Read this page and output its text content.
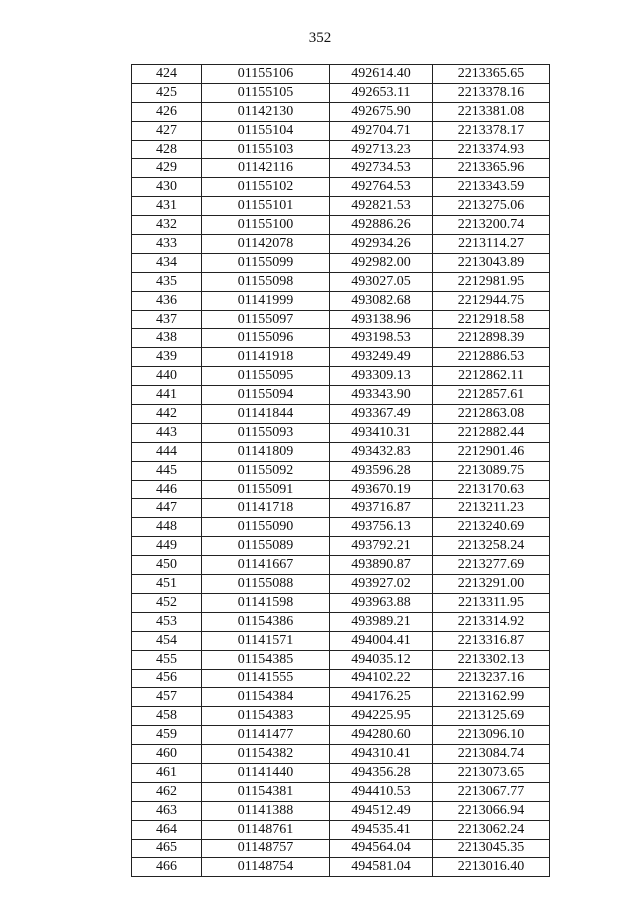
352
424	01155106	492614.40	2213365.65
425	01155105	492653.11	2213378.16
426	01142130	492675.90	2213381.08
427	01155104	492704.71	2213378.17
428	01155103	492713.23	2213374.93
429	01142116	492734.53	2213365.96
430	01155102	492764.53	2213343.59
431	01155101	492821.53	2213275.06
432	01155100	492886.26	2213200.74
433	01142078	492934.26	2213114.27
434	01155099	492982.00	2213043.89
435	01155098	493027.05	2212981.95
436	01141999	493082.68	2212944.75
437	01155097	493138.96	2212918.58
438	01155096	493198.53	2212898.39
439	01141918	493249.49	2212886.53
440	01155095	493309.13	2212862.11
441	01155094	493343.90	2212857.61
442	01141844	493367.49	2212863.08
443	01155093	493410.31	2212882.44
444	01141809	493432.83	2212901.46
445	01155092	493596.28	2213089.75
446	01155091	493670.19	2213170.63
447	01141718	493716.87	2213211.23
448	01155090	493756.13	2213240.69
449	01155089	493792.21	2213258.24
450	01141667	493890.87	2213277.69
451	01155088	493927.02	2213291.00
452	01141598	493963.88	2213311.95
453	01154386	493989.21	2213314.92
454	01141571	494004.41	2213316.87
455	01154385	494035.12	2213302.13
456	01141555	494102.22	2213237.16
457	01154384	494176.25	2213162.99
458	01154383	494225.95	2213125.69
459	01141477	494280.60	2213096.10
460	01154382	494310.41	2213084.74
461	01141440	494356.28	2213073.65
462	01154381	494410.53	2213067.77
463	01141388	494512.49	2213066.94
464	01148761	494535.41	2213062.24
465	01148757	494564.04	2213045.35
466	01148754	494581.04	2213016.40
